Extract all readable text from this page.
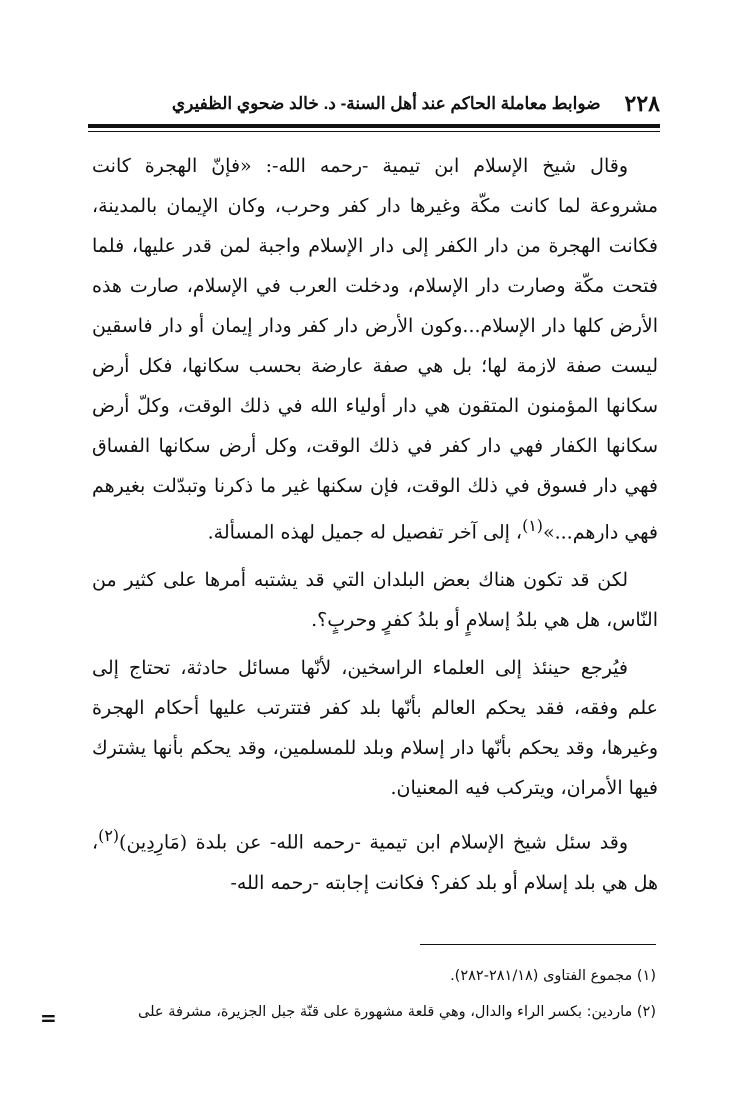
٢٢٨
ضوابط معاملة الحاكم عند أهل السنة- د. خالد ضحوي الظفيري

وقال شيخ الإسلام ابن تيمية -رحمه الله-: «فإنّ الهجرة كانت مشروعة لما كانت مكّة وغيرها دار كفر وحرب، وكان الإيمان بالمدينة، فكانت الهجرة من دار الكفر إلى دار الإسلام واجبة لمن قدر عليها، فلما فتحت مكّة وصارت دار الإسلام، ودخلت العرب في الإسلام، صارت هذه الأرض كلها دار الإسلام...وكون الأرض دار كفر ودار إيمان أو دار فاسقين ليست صفة لازمة لها؛ بل هي صفة عارضة بحسب سكانها، فكل أرض سكانها المؤمنون المتقون هي دار أولياء الله في ذلك الوقت، وكلّ أرض سكانها الكفار فهي دار كفر في ذلك الوقت، وكل أرض سكانها الفساق فهي دار فسوق في ذلك الوقت، فإن سكنها غير ما ذكرنا وتبدّلت بغيرهم فهي دارهم...»$^{(١)}$، إلى آخر تفصيل له جميل لهذه المسألة.

لكن قد تكون هناك بعض البلدان التي قد يشتبه أمرها على كثير من النّاس، هل هي بلدُ إسلامٍ أو بلدُ كفرٍ وحربٍ؟.

فيُرجع حينئذ إلى العلماء الراسخين، لأنّها مسائل حادثة، تحتاج إلى علم وفقه، فقد يحكم العالم بأنّها بلد كفر فتترتب عليها أحكام الهجرة وغيرها، وقد يحكم بأنّها دار إسلام وبلد للمسلمين، وقد يحكم بأنها يشترك فيها الأمران، ويتركب فيه المعنيان.

وقد سئل شيخ الإسلام ابن تيمية -رحمه الله- عن بلدة (مَارِدِين)$^{(٢)}$، هل هي بلد إسلام أو بلد كفر؟ فكانت إجابته -رحمه الله-

(١) مجموع الفتاوى (٢٨١/١٨-٢٨٢).

(٢) ماردين: بكسر الراء والدال، وهي قلعة مشهورة على قنّة جبل الجزيرة، مشرفة على

=
